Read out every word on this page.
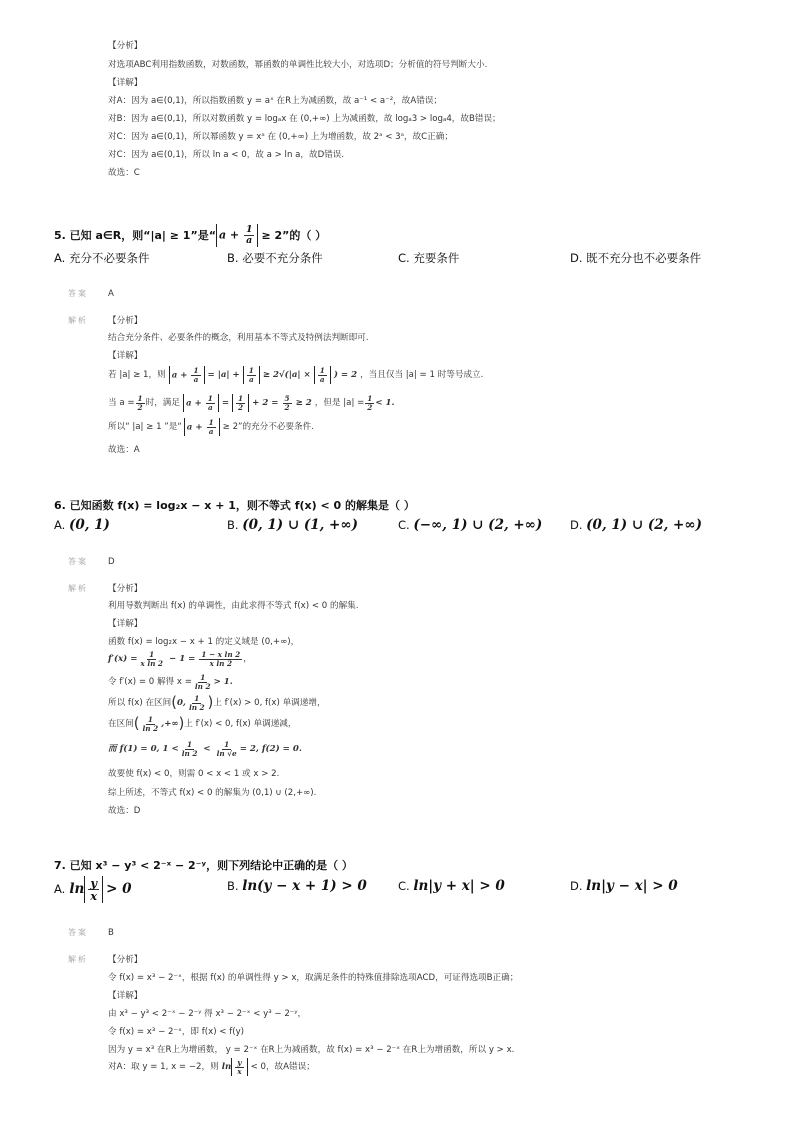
【分析】
对选项ABC利用指数函数，对数函数，幂函数的单调性比较大小，对选项D；分析值的符号判断大小.
【详解】
对A：因为 a∈(0,1)，所以指数函数 y = aˣ 在R上为减函数，故 a⁻¹ < a⁻²，故A错误；
对B：因为 a∈(0,1)，所以对数函数 y = logₐx 在 (0,+∞) 上为减函数，故 logₐ3 > logₐ4，故B错误；
对C：因为 a∈(0,1)，所以幂函数 y = xᵃ 在 (0,+∞) 上为增函数，故 2ᵃ < 3ᵃ，故C正确；
对C：因为 a∈(0,1)，所以 ln a < 0，故 a > ln a，故D错误.
故选：C
5. 已知 a∈R，则“|a| ≥ 1”是“ $a + \frac{1}{a} \ge 2$”的（ ）
A. 充分不必要条件	B. 必要不充分条件	C. 充要条件	D. 既不充分也不必要条件
答案 A
解析 【分析】
结合充分条件、必要条件的概念，利用基本不等式及特例法判断即可.
【详解】
若 |a| ≥ 1，则 $a + \frac{1}{a} = |a| + \frac{1}{a} \ge 2√(|a| \times \frac{1}{a}$ ) = 2 ，当且仅当 |a| = 1 时等号成立.
当 $a = \frac{1}{2}$ 时，满足 $a + \frac{1}{a} = \frac{1}{2} + 2 = \frac{5}{2} \ge 2$ ，但是 $|a| = \frac{1}{2} < 1$.
所以“ |a| ≥ 1 ”是“ $a + \frac{1}{a} \ge 2$”的充分不必要条件.
故选：A
6. 已知函数 f(x) = log₂x − x + 1，则不等式 f(x) < 0 的解集是（ ）
A. (0, 1)	B. (0, 1) ∪ (1, +∞)	C. (−∞, 1) ∪ (2, +∞) D. (0, 1) ∪ (2, +∞)
答案 D
解析 【分析】
利用导数判断出 f(x) 的单调性，由此求得不等式 f(x) < 0 的解集.
【详解】
函数 f(x) = log₂x − x + 1 的定义域是 (0,+∞)，
$f'(x) = \frac{1}{\text{x ln 2}} - 1 = \frac{\text{1 − x ln 2}}{\text{x ln 2}}$ ，
令 f′(x) = 0 解得 $x = \frac{1}{\ln 2} > 1$.
所以 f(x) 在区间 ( 0, $\frac{1}{\ln 2}$ ) 上 f′(x) > 0, f(x) 单调递增，
在区间 ( $\frac{1}{\ln 2}$ ,+∞ ) 上 f′(x) < 0, f(x) 单调递减，
而 f(1) = 0, $1 < \frac{1}{\ln 2} < \frac{1}{\ln √e} = 2$, f(2) = 0.
故要使 f(x) < 0，则需 0 < x < 1 或 x > 2.
综上所述，不等式 f(x) < 0 的解集为 (0,1) ∪ (2,+∞).
故选：D
7. 已知 x³ − y³ < 2⁻ˣ − 2⁻ʸ，则下列结论中正确的是（ ）
A. $\ln \frac{y}{x} > 0$	B. ln(y − x + 1) > 0	C. ln|y + x| > 0	D. ln|y − x| > 0
答案 B
解析 【分析】
令 f(x) = x³ − 2⁻ˣ，根据 f(x) 的单调性得 y > x，取满足条件的特殊值排除选项ACD，可证得选项B正确；
【详解】
由 x³ − y³ < 2⁻ˣ − 2⁻ʸ 得 x³ − 2⁻ˣ < y³ − 2⁻ʸ，
令 f(x) = x³ − 2⁻ˣ，即 f(x) < f(y)
因为 y = x³ 在R上为增函数， y = 2⁻ˣ 在R上为减函数，故 f(x) = x³ − 2⁻ˣ 在R上为增函数，所以 y > x.
对A：取 y = 1, x = −2，则 $\ln \frac{y}{x} < 0$，故A错误；
